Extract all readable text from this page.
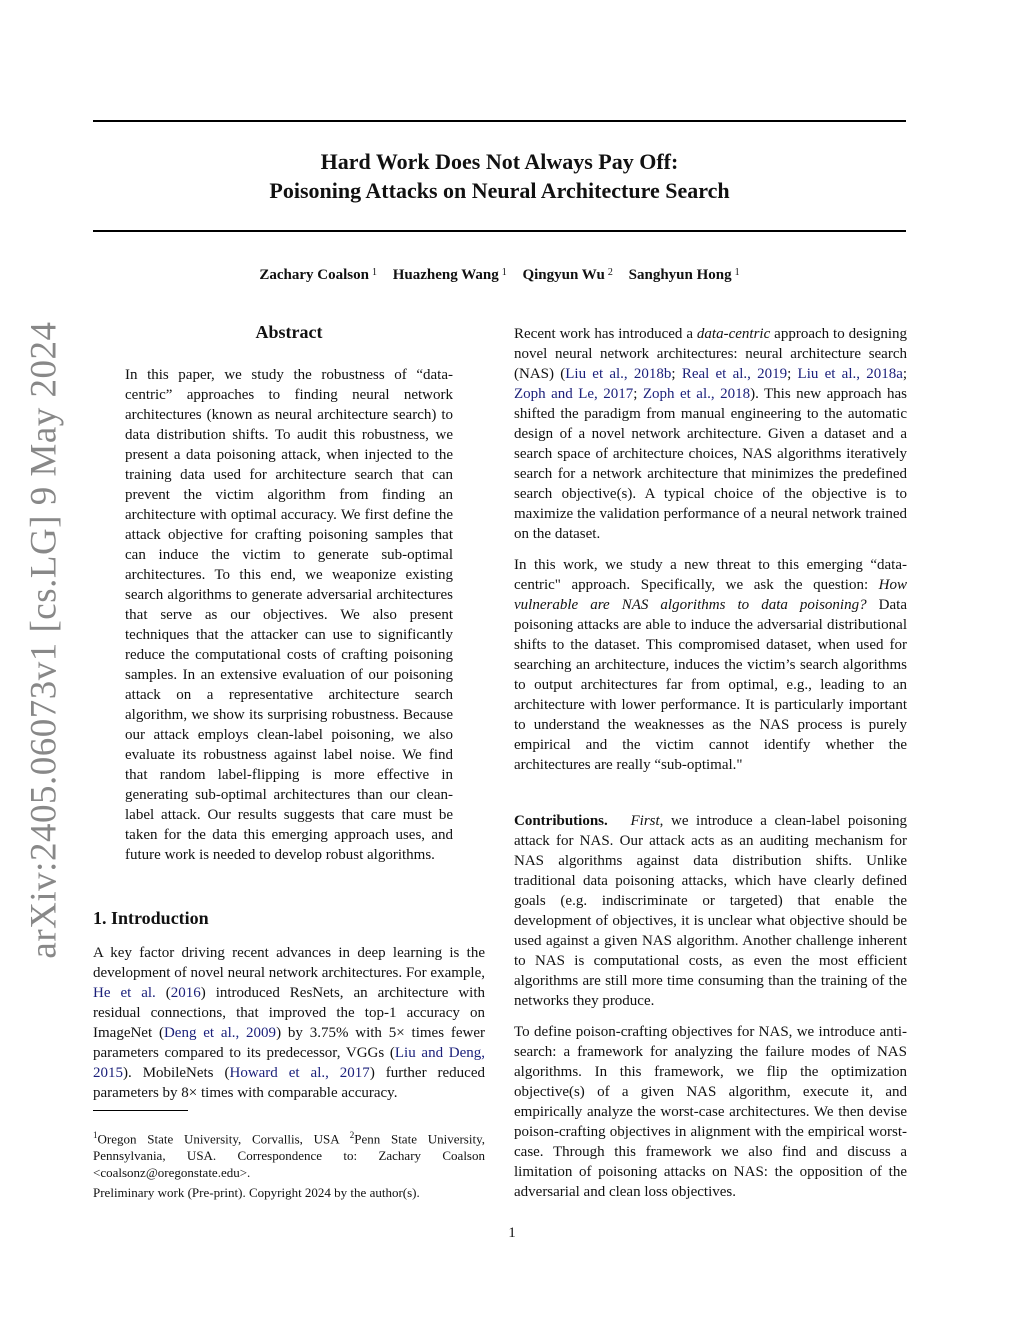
arXiv:2405.06073v1 [cs.LG] 9 May 2024
Hard Work Does Not Always Pay Off:
Poisoning Attacks on Neural Architecture Search
Zachary Coalson $^1$ Huazheng Wang $^1$ Qingyun Wu $^2$ Sanghyun Hong $^1$
Abstract

In this paper, we study the robustness of “data-centric” approaches to finding neural network architectures (known as neural architecture search) to data distribution shifts. To audit this robustness, we present a data poisoning attack, when injected to the training data used for architecture search that can prevent the victim algorithm from finding an architecture with optimal accuracy. We first define the attack objective for crafting poisoning samples that can induce the victim to generate sub-optimal architectures. To this end, we weaponize existing search algorithms to generate adversarial architectures that serve as our objectives. We also present techniques that the attacker can use to significantly reduce the computational costs of crafting poisoning samples. In an extensive evaluation of our poisoning attack on a representative architecture search algorithm, we show its surprising robustness. Because our attack employs clean-label poisoning, we also evaluate its robustness against label noise. We find that random label-flipping is more effective in generating sub-optimal architectures than our clean-label attack. Our results suggests that care must be taken for the data this emerging approach uses, and future work is needed to develop robust algorithms.

1. Introduction

A key factor driving recent advances in deep learning is the development of novel neural network architectures. For example, He et al. (2016) introduced ResNets, an architecture with residual connections, that improved the top-1 accuracy on ImageNet (Deng et al., 2009) by 3.75% with 5× times fewer parameters compared to its predecessor, VGGs (Liu and Deng, 2015). MobileNets (Howard et al., 2017) further reduced parameters by 8× times with comparable accuracy.

$^1$Oregon State University, Corvallis, USA $^2$Penn State University, Pennsylvania, USA. Correspondence to: Zachary Coalson <coalsonz@oregonstate.edu>.

Preliminary work (Pre-print). Copyright 2024 by the author(s).

Recent work has introduced a data-centric approach to designing novel neural network architectures: neural architecture search (NAS) (Liu et al., 2018b; Real et al., 2019; Liu et al., 2018a; Zoph and Le, 2017; Zoph et al., 2018). This new approach has shifted the paradigm from manual engineering to the automatic design of a novel network architecture. Given a dataset and a search space of architecture choices, NAS algorithms iteratively search for a network architecture that minimizes the predefined search objective(s). A typical choice of the objective is to maximize the validation performance of a neural network trained on the dataset.

In this work, we study a new threat to this emerging “data-centric" approach. Specifically, we ask the question: How vulnerable are NAS algorithms to data poisoning? Data poisoning attacks are able to induce the adversarial distributional shifts to the dataset. This compromised dataset, when used for searching an architecture, induces the victim’s search algorithms to output architectures far from optimal, e.g., leading to an architecture with lower performance. It is particularly important to understand the weaknesses as the NAS process is purely empirical and the victim cannot identify whether the architectures are really “sub-optimal."

Contributions. First, we introduce a clean-label poisoning attack for NAS. Our attack acts as an auditing mechanism for NAS algorithms against data distribution shifts. Unlike traditional data poisoning attacks, which have clearly defined goals (e.g. indiscriminate or targeted) that enable the development of objectives, it is unclear what objective should be used against a given NAS algorithm. Another challenge inherent to NAS is computational costs, as even the most efficient algorithms are still more time consuming than the training of the networks they produce.

To define poison-crafting objectives for NAS, we introduce anti-search: a framework for analyzing the failure modes of NAS algorithms. In this framework, we flip the optimization objective(s) of a given NAS algorithm, execute it, and empirically analyze the worst-case architectures. We then devise poison-crafting objectives in alignment with the empirical worst-case. Through this framework we also find and discuss a limitation of poisoning attacks on NAS: the opposition of the adversarial and clean loss objectives.

1
